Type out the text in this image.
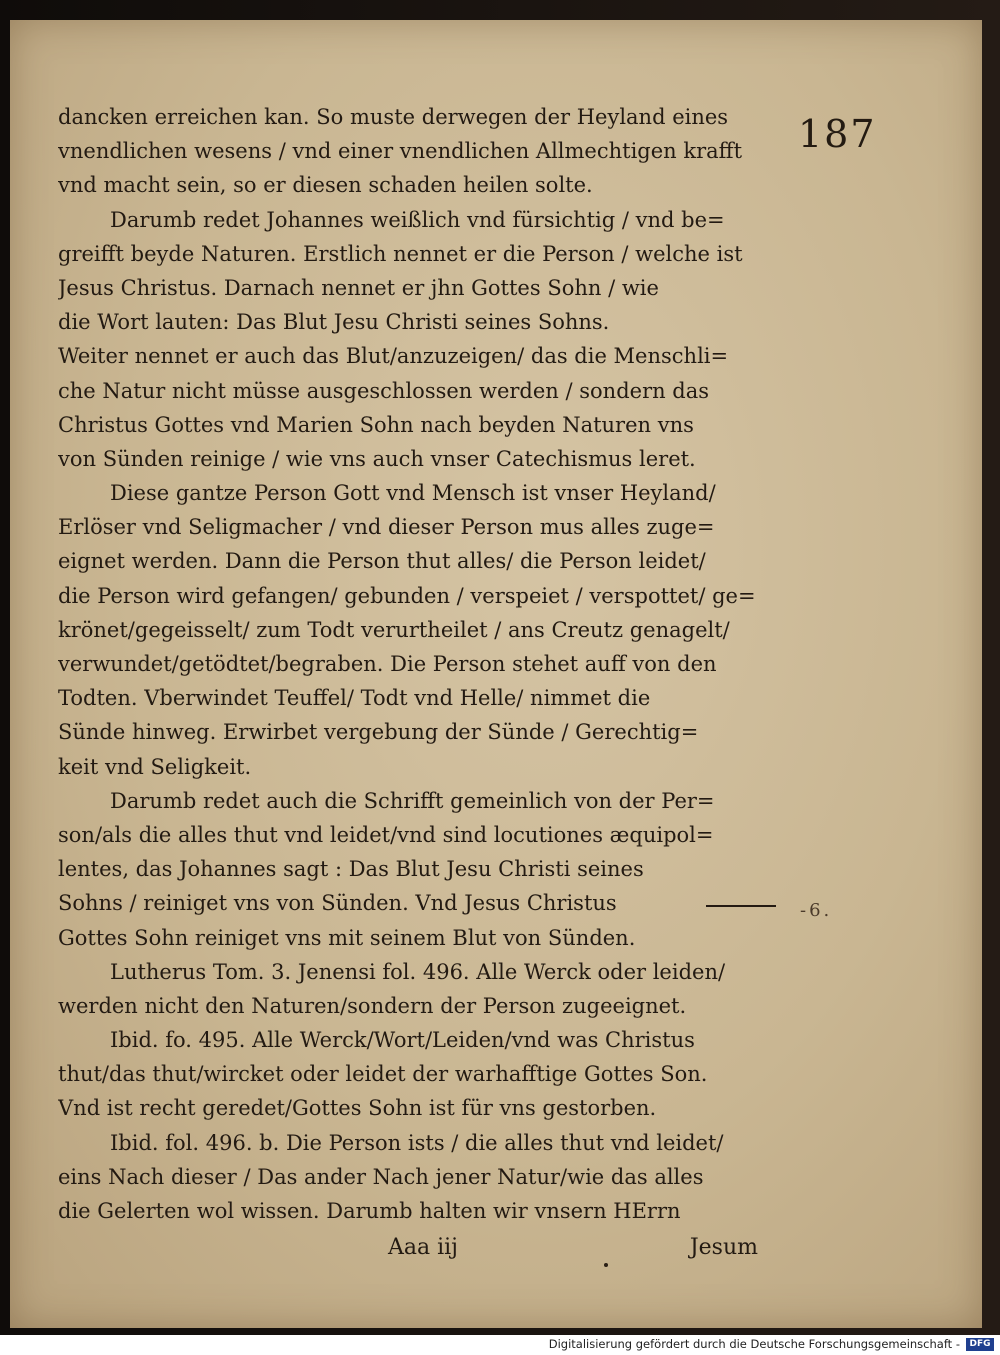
187
dancken erreichen kan. So muste derwegen der Heyland eines
vnendlichen wesens / vnd einer vnendlichen Allmechtigen krafft
vnd macht sein, so er diesen schaden heilen solte.
Darumb redet Johannes weißlich vnd fürsichtig / vnd be=
greifft beyde Naturen. Erstlich nennet er die Person / welche ist
Jesus Christus. Darnach nennet er jhn Gottes Sohn / wie
die Wort lauten: Das Blut Jesu Christi seines Sohns.
Weiter nennet er auch das Blut/anzuzeigen/ das die Menschli=
che Natur nicht müsse ausgeschlossen werden / sondern das
Christus Gottes vnd Marien Sohn nach beyden Naturen vns
von Sünden reinige / wie vns auch vnser Catechismus leret.
Diese gantze Person Gott vnd Mensch ist vnser Heyland/
Erlöser vnd Seligmacher / vnd dieser Person mus alles zuge=
eignet werden. Dann die Person thut alles/ die Person leidet/
die Person wird gefangen/ gebunden / verspeiet / verspottet/ ge=
krönet/gegeisselt/ zum Todt verurtheilet / ans Creutz genagelt/
verwundet/getödtet/begraben. Die Person stehet auff von den
Todten. Vberwindet Teuffel/ Todt vnd Helle/ nimmet die
Sünde hinweg. Erwirbet vergebung der Sünde / Gerechtig=
keit vnd Seligkeit.
Darumb redet auch die Schrifft gemeinlich von der Per=
son/als die alles thut vnd leidet/vnd sind locutiones æquipol=
lentes, das Johannes sagt : Das Blut Jesu Christi seines
Sohns / reiniget vns von Sünden. Vnd Jesus Christus
Gottes Sohn reiniget vns mit seinem Blut von Sünden.
Lutherus Tom. 3. Jenensi fol. 496. Alle Werck oder leiden/
werden nicht den Naturen/sondern der Person zugeeignet.
Ibid. fo. 495. Alle Werck/Wort/Leiden/vnd was Christus
thut/das thut/wircket oder leidet der warhafftige Gottes Son.
Vnd ist recht geredet/Gottes Sohn ist für vns gestorben.
Ibid. fol. 496. b. Die Person ists / die alles thut vnd leidet/
eins Nach dieser / Das ander Nach jener Natur/wie das alles
die Gelerten wol wissen. Darumb halten wir vnsern HErrn
Aaa iij	Jesum
-6.
Digitalisierung gefördert durch die Deutsche Forschungsgemeinschaft -	DFG
